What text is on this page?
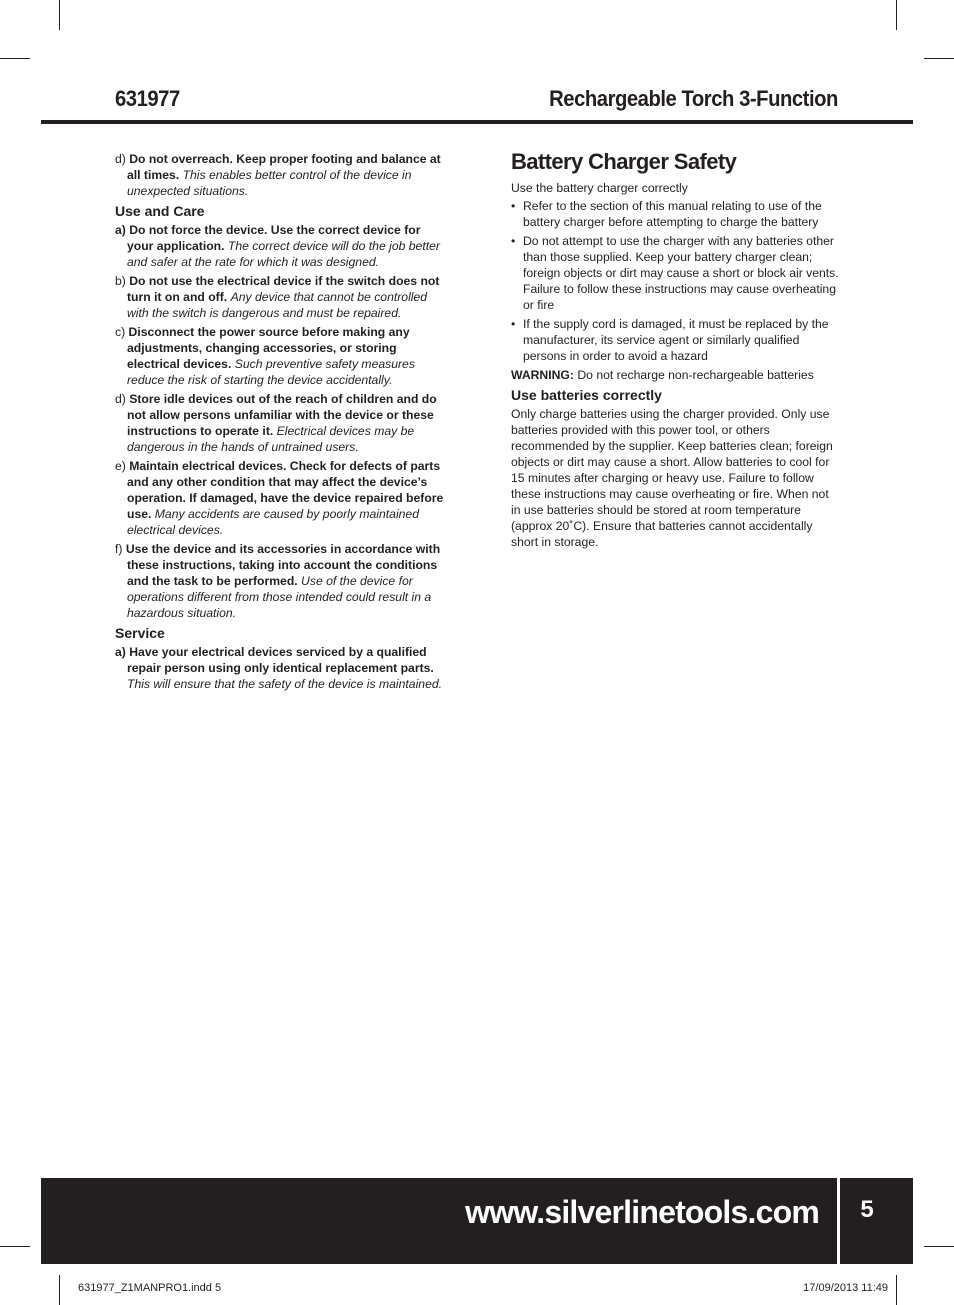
631977	Rechargeable Torch 3-Function

d) Do not overreach. Keep proper footing and balance at all times. This enables better control of the device in unexpected situations.

Use and Care

a) Do not force the device. Use the correct device for your application. The correct device will do the job better and safer at the rate for which it was designed.

b) Do not use the electrical device if the switch does not turn it on and off. Any device that cannot be controlled with the switch is dangerous and must be repaired.

c) Disconnect the power source before making any adjustments, changing accessories, or storing electrical devices. Such preventive safety measures reduce the risk of starting the device accidentally.

d) Store idle devices out of the reach of children and do not allow persons unfamiliar with the device or these instructions to operate it. Electrical devices may be dangerous in the hands of untrained users.

e) Maintain electrical devices. Check for defects of parts and any other condition that may affect the device’s operation. If damaged, have the device repaired before use. Many accidents are caused by poorly maintained electrical devices.

f) Use the device and its accessories in accordance with these instructions, taking into account the conditions and the task to be performed. Use of the device for operations different from those intended could result in a hazardous situation.

Service

a) Have your electrical devices serviced by a qualified repair person using only identical replacement parts. This will ensure that the safety of the device is maintained.

Battery Charger Safety

Use the battery charger correctly

• Refer to the section of this manual relating to use of the battery charger before attempting to charge the battery

• Do not attempt to use the charger with any batteries other than those supplied. Keep your battery charger clean; foreign objects or dirt may cause a short or block air vents. Failure to follow these instructions may cause overheating or fire

• If the supply cord is damaged, it must be replaced by the manufacturer, its service agent or similarly qualified persons in order to avoid a hazard

WARNING: Do not recharge non-rechargeable batteries

Use batteries correctly

Only charge batteries using the charger provided. Only use batteries provided with this power tool, or others recommended by the supplier. Keep batteries clean; foreign objects or dirt may cause a short. Allow batteries to cool for 15 minutes after charging or heavy use. Failure to follow these instructions may cause overheating or fire. When not in use batteries should be stored at room temperature (approx 20˚C). Ensure that batteries cannot accidentally short in storage.

www.silverlinetools.com	5
631977_Z1MANPRO1.indd 5	17/09/2013 11:49
